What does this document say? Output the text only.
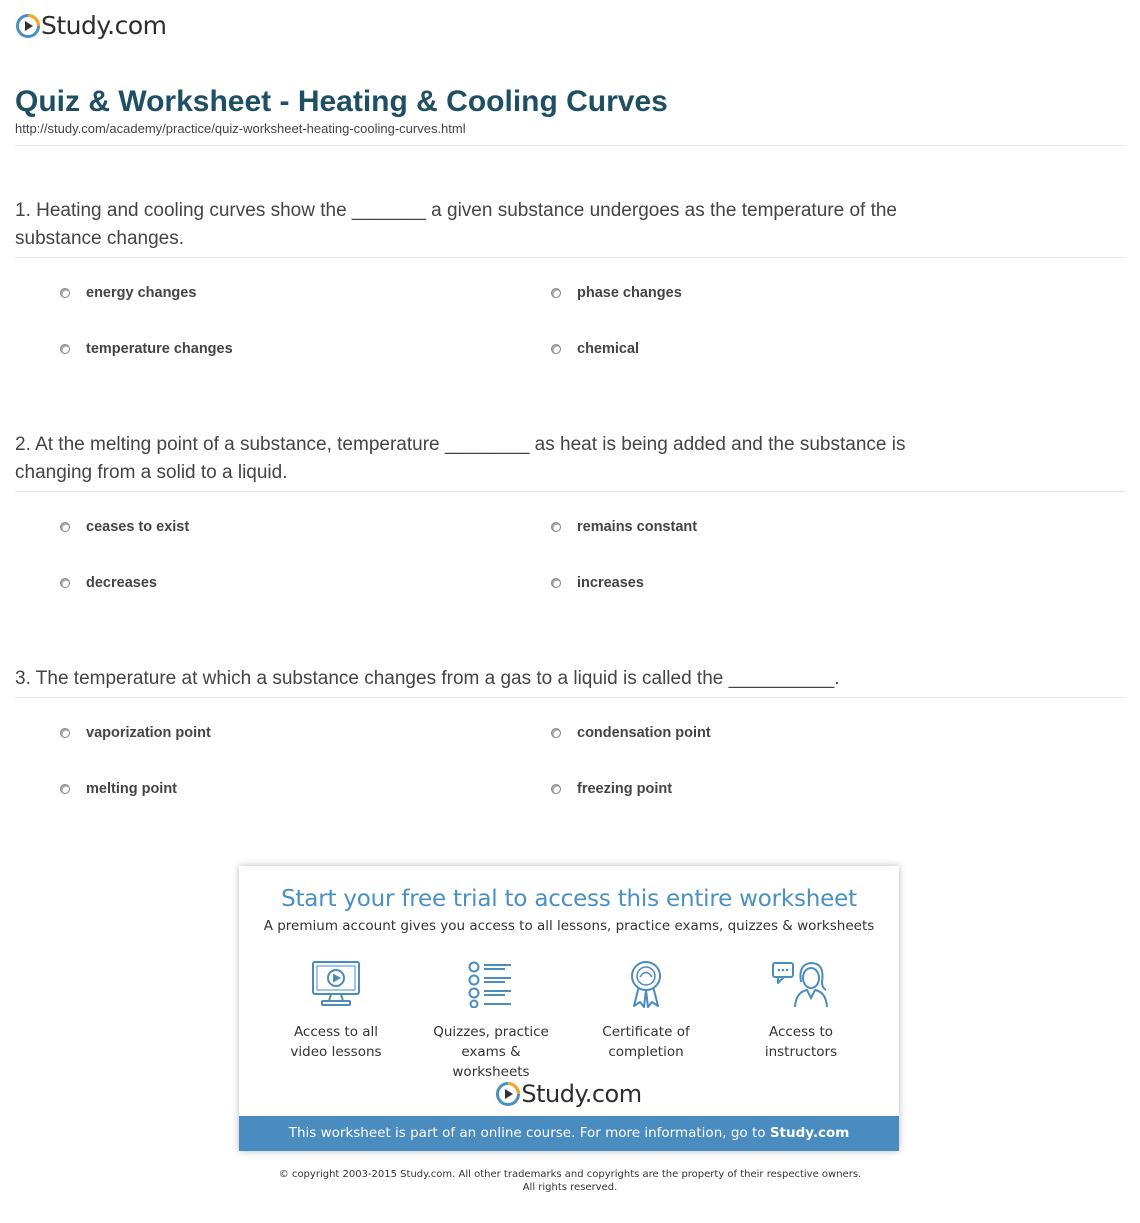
Study.com
Quiz & Worksheet - Heating & Cooling Curves
http://study.com/academy/practice/quiz-worksheet-heating-cooling-curves.html
1. Heating and cooling curves show the _______ a given substance undergoes as the temperature of the substance changes.
energy changes	phase changes
temperature changes	chemical
2. At the melting point of a substance, temperature ________ as heat is being added and the substance is changing from a solid to a liquid.
ceases to exist	remains constant
decreases	increases
3. The temperature at which a substance changes from a gas to a liquid is called the __________.
vaporization point	condensation point
melting point	freezing point
Start your free trial to access this entire worksheet
A premium account gives you access to all lessons, practice exams, quizzes & worksheets
Access to all
video lessons
Quizzes, practice
exams & worksheets
Certificate of
completion
Access to
instructors
Study.com
This worksheet is part of an online course. For more information, go to Study.com
© copyright 2003-2015 Study.com. All other trademarks and copyrights are the property of their respective owners.
All rights reserved.
